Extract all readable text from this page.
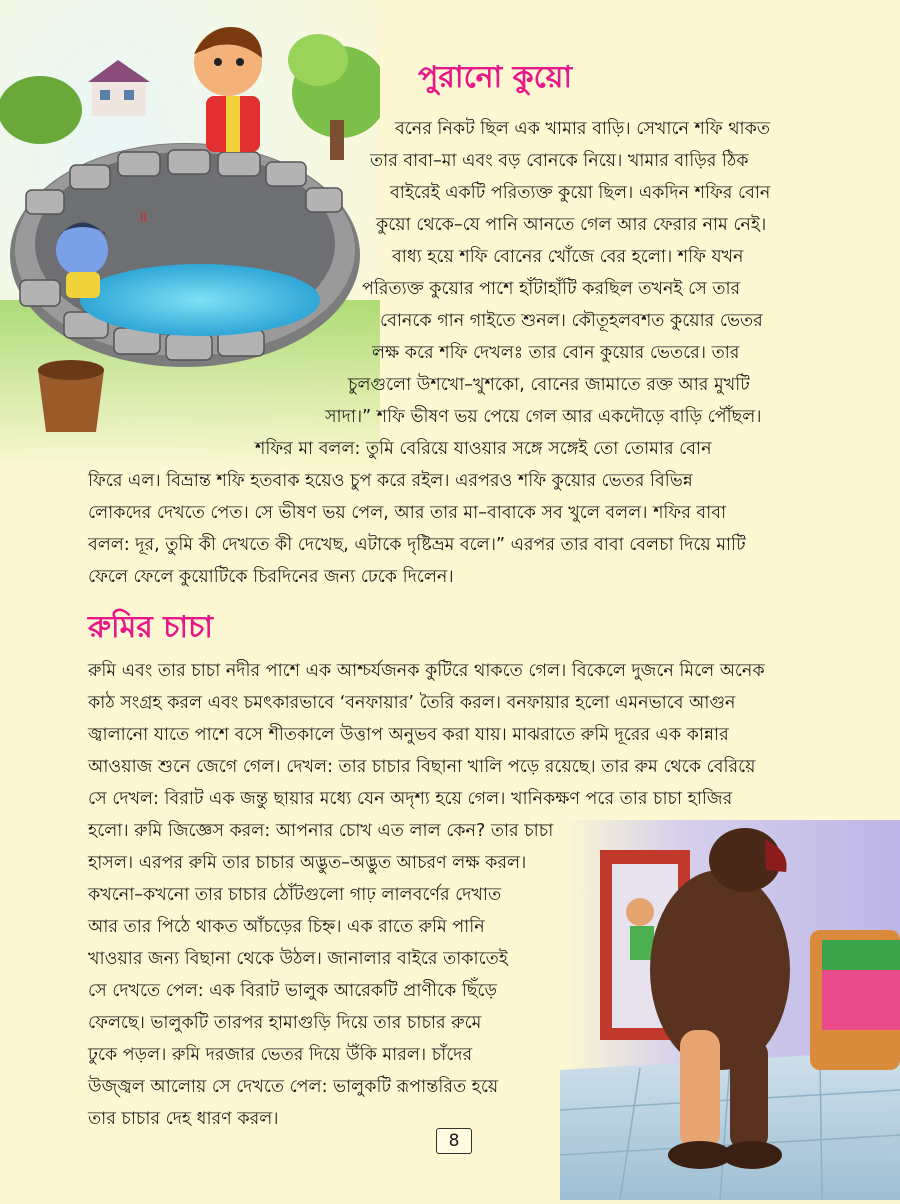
ll
পুরানো কুয়ো
বনের নিকট ছিল এক খামার বাড়ি। সেখানে শফি থাকত
তার বাবা–মা এবং বড় বোনকে নিয়ে। খামার বাড়ির ঠিক
বাইরেই একটি পরিত্যক্ত কুয়ো ছিল। একদিন শফির বোন
কুয়ো থেকে–যে পানি আনতে গেল আর ফেরার নাম নেই।
বাধ্য হয়ে শফি বোনের খোঁজে বের হলো। শফি যখন
পরিত্যক্ত কুয়োর পাশে হাঁটাহাঁটি করছিল তখনই সে তার
বোনকে গান গাইতে শুনল। কৌতূহলবশত কুয়োর ভেতর
লক্ষ করে শফি দেখলঃ তার বোন কুয়োর ভেতরে। তার
চুলগুলো উশখো–খুশকো, বোনের জামাতে রক্ত আর মুখটি
সাদা।” শফি ভীষণ ভয় পেয়ে গেল আর একদৌড়ে বাড়ি পৌঁছল।
শফির মা বলল: তুমি বেরিয়ে যাওয়ার সঙ্গে সঙ্গেই তো তোমার বোন
ফিরে এল। বিভ্রান্ত শফি হতবাক হয়েও চুপ করে রইল। এরপরও শফি কুয়োর ভেতর বিভিন্ন
লোকদের দেখতে পেত। সে ভীষণ ভয় পেল, আর তার মা–বাবাকে সব খুলে বলল। শফির বাবা
বলল: দূর, তুমি কী দেখতে কী দেখেছ, এটাকে দৃষ্টিভ্রম বলে।” এরপর তার বাবা বেলচা দিয়ে মাটি
ফেলে ফেলে কুয়োটিকে চিরদিনের জন্য ঢেকে দিলেন।
রুমির চাচা
রুমি এবং তার চাচা নদীর পাশে এক আশ্চর্যজনক কুটিরে থাকতে গেল। বিকেলে দুজনে মিলে অনেক
কাঠ সংগ্রহ করল এবং চমৎকারভাবে ‘বনফায়ার’ তৈরি করল। বনফায়ার হলো এমনভাবে আগুন
জ্বালানো যাতে পাশে বসে শীতকালে উত্তাপ অনুভব করা যায়। মাঝরাতে রুমি দূরের এক কান্নার
আওয়াজ শুনে জেগে গেল। দেখল: তার চাচার বিছানা খালি পড়ে রয়েছে। তার রুম থেকে বেরিয়ে
সে দেখল: বিরাট এক জন্তু ছায়ার মধ্যে যেন অদৃশ্য হয়ে গেল। খানিকক্ষণ পরে তার চাচা হাজির
হলো। রুমি জিজ্ঞেস করল: আপনার চোখ এত লাল কেন? তার চাচা
হাসল। এরপর রুমি তার চাচার অদ্ভুত–অদ্ভুত আচরণ লক্ষ করল।
কখনো–কখনো তার চাচার ঠোঁটগুলো গাঢ় লালবর্ণের দেখাত
আর তার পিঠে থাকত আঁচড়ের চিহ্ন। এক রাতে রুমি পানি
খাওয়ার জন্য বিছানা থেকে উঠল। জানালার বাইরে তাকাতেই
সে দেখতে পেল: এক বিরাট ভালুক আরেকটি প্রাণীকে ছিঁড়ে
ফেলছে। ভালুকটি তারপর হামাগুড়ি দিয়ে তার চাচার রুমে
ঢুকে পড়ল। রুমি দরজার ভেতর দিয়ে উঁকি মারল। চাঁদের
উজ্জ্বল আলোয় সে দেখতে পেল: ভালুকটি রূপান্তরিত হয়ে
তার চাচার দেহ ধারণ করল।
8
